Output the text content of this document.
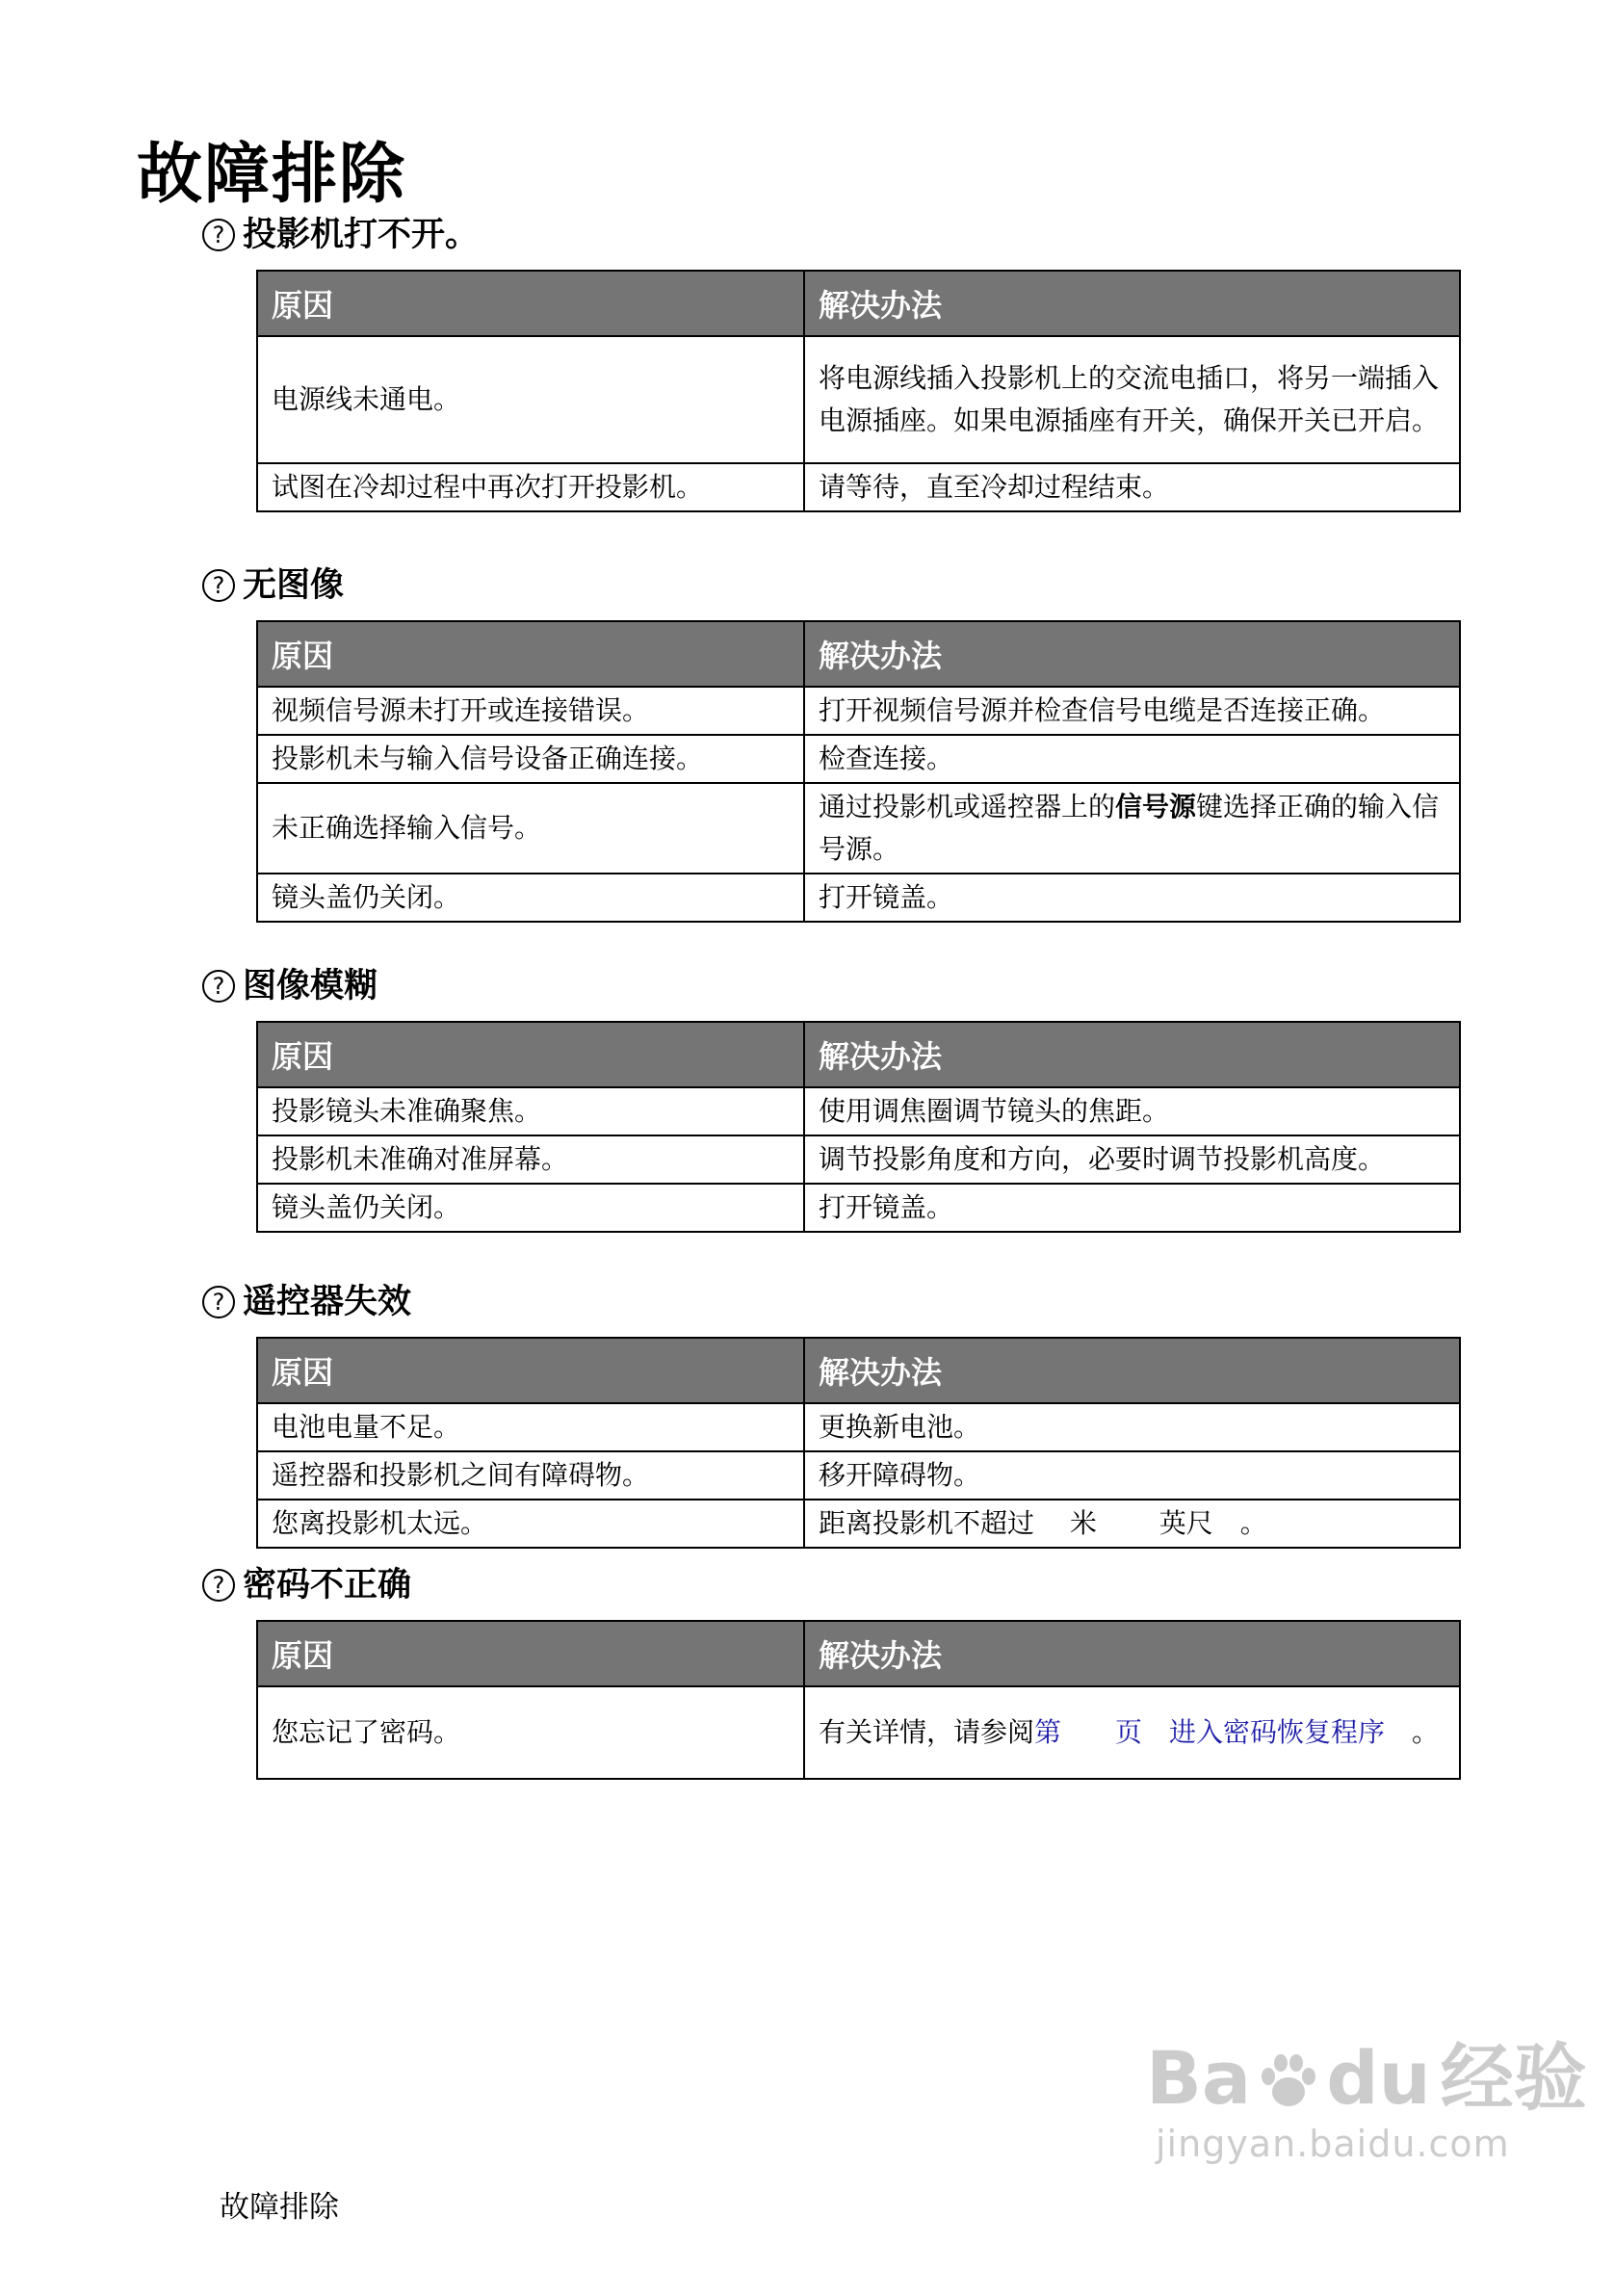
故障排除
? 投影机打不开。
原因	解决办法
电源线未通电。	将电源线插入投影机上的交流电插口，将另一端插入电源插座。如果电源插座有开关，确保开关已开启。
试图在冷却过程中再次打开投影机。	请等待，直至冷却过程结束。
? 无图像
原因	解决办法
视频信号源未打开或连接错误。	打开视频信号源并检查信号电缆是否连接正确。
投影机未与输入信号设备正确连接。	检查连接。
未正确选择输入信号。	通过投影机或遥控器上的信号源键选择正确的输入信号源。
镜头盖仍关闭。	打开镜盖。
? 图像模糊
原因	解决办法
投影镜头未准确聚焦。	使用调焦圈调节镜头的焦距。
投影机未准确对准屏幕。	调节投影角度和方向，必要时调节投影机高度。
镜头盖仍关闭。	打开镜盖。
? 遥控器失效
原因	解决办法
电池电量不足。	更换新电池。
遥控器和投影机之间有障碍物。	移开障碍物。
您离投影机太远。	距离投影机不超过　 米　　 英尺　。
? 密码不正确
原因	解决办法
您忘记了密码。	有关详情，请参阅第　　页　进入密码恢复程序　。
故障排除
Ba du 经验
jingyan.baidu.com
